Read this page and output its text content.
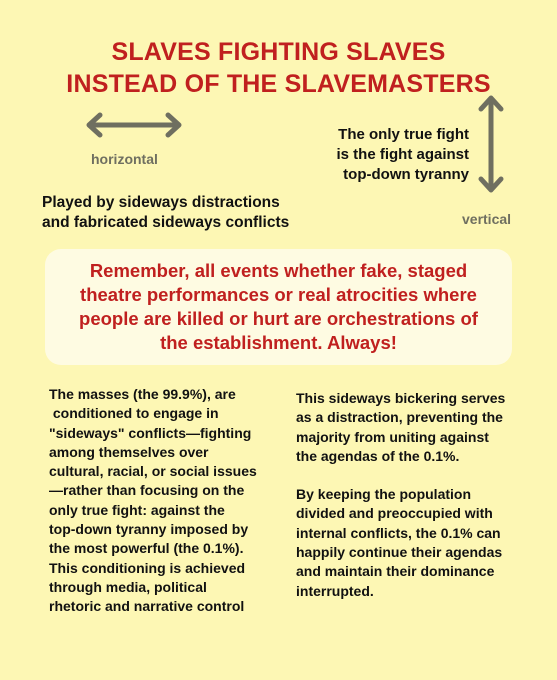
SLAVES FIGHTING SLAVES
INSTEAD OF THE SLAVEMASTERS
horizontal
vertical
The only true fight
is the fight against
top-down tyranny
Played by sideways distractions
and fabricated sideways conflicts
Remember, all events whether fake, staged
theatre performances or real atrocities where
people are killed or hurt are orchestrations of
the establishment. Always!
The masses (the 99.9%), are
conditioned to engage in
"sideways" conflicts—fighting
among themselves over
cultural, racial, or social issues
—rather than focusing on the
only true fight: against the
top-down tyranny imposed by
the most powerful (the 0.1%).
This conditioning is achieved
through media, political
rhetoric and narrative control
This sideways bickering serves
as a distraction, preventing the
majority from uniting against
the agendas of the 0.1%.
By keeping the population
divided and preoccupied with
internal conflicts, the 0.1% can
happily continue their agendas
and maintain their dominance
interrupted.
